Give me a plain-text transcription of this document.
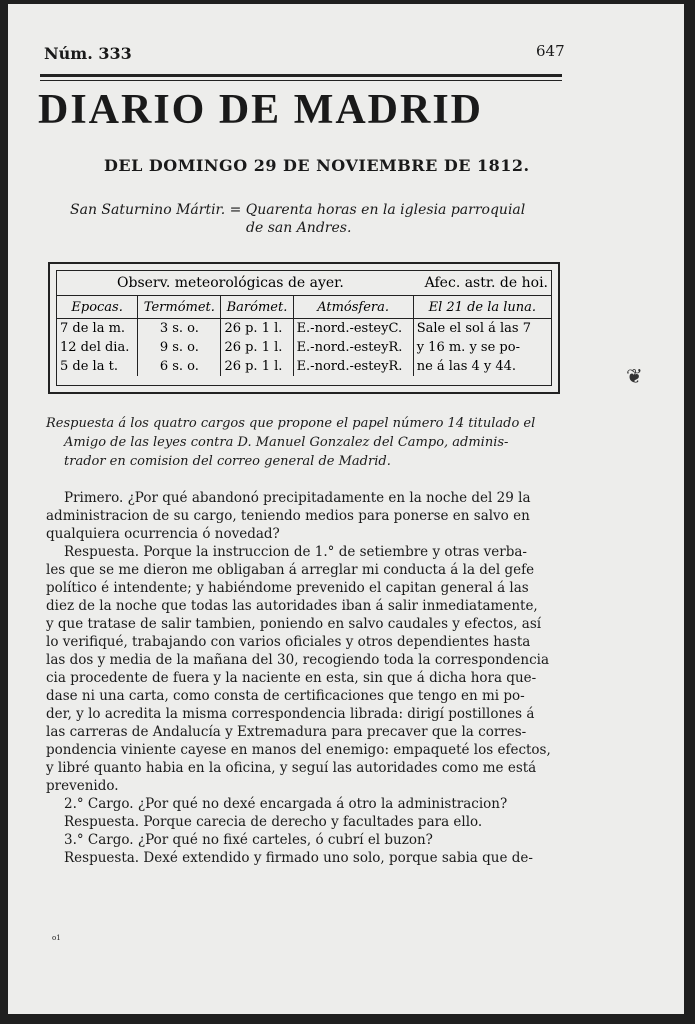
Núm. 333	647
DIARIO DE MADRID
DEL DOMINGO 29 DE NOVIEMBRE DE 1812.
San Saturnino Mártir. = Quarenta horas en la iglesia parroquial
de san Andres.
Observ. meteorológicas de ayer.				Afec. astr. de hoi.
Epocas.	Termómet.	Barómet.	Atmósfera.	El 21 de la luna.
7 de la m.	3 s. o.	26 p. 1 l.	E.-nord.-esteyC.	Sale el sol á las 7
12 del dia.	9 s. o.	26 p. 1 l.	E.-nord.-esteyR.	y 16 m. y se po-
5 de la t.	6 s. o.	26 p. 1 l.	E.-nord.-esteyR.	ne á las 4 y 44.
Respuesta á los quatro cargos que propone el papel número 14 titulado el
Amigo de las leyes contra D. Manuel Gonzalez del Campo, adminis-
trador en comision del correo general de Madrid.
Primero. ¿Por qué abandonó precipitadamente en la noche del 29 la
administracion de su cargo, teniendo medios para ponerse en salvo en
qualquiera ocurrencia ó novedad?
Respuesta. Porque la instruccion de 1.° de setiembre y otras verba-
les que se me dieron me obligaban á arreglar mi conducta á la del gefe
político é intendente; y habiéndome prevenido el capitan general á las
diez de la noche que todas las autoridades iban á salir inmediatamente,
y que tratase de salir tambien, poniendo en salvo caudales y efectos, así
lo verifiqué, trabajando con varios oficiales y otros dependientes hasta
las dos y media de la mañana del 30, recogiendo toda la correspondencia
cia procedente de fuera y la naciente en esta, sin que á dicha hora que-
dase ni una carta, como consta de certificaciones que tengo en mi po-
der, y lo acredita la misma correspondencia librada: dirigí postillones á
las carreras de Andalucía y Extremadura para precaver que la corres-
pondencia viniente cayese en manos del enemigo: empaqueté los efectos,
y libré quanto habia en la oficina, y seguí las autoridades como me está
prevenido.
2.° Cargo. ¿Por qué no dexé encargada á otro la administracion?
Respuesta. Porque carecia de derecho y facultades para ello.
3.° Cargo. ¿Por qué no fixé carteles, ó cubrí el buzon?
Respuesta. Dexé extendido y firmado uno solo, porque sabia que de-
o1
❦
